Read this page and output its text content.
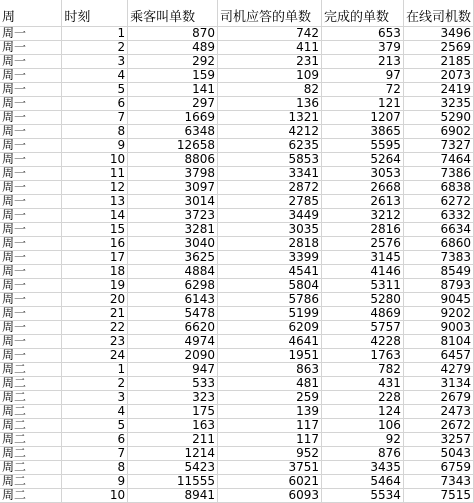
周	时刻	乘客叫单数	司机应答的单数	完成的单数	在线司机数
周一	1	870	742	653	3496
周一	2	489	411	379	2569
周一	3	292	231	213	2185
周一	4	159	109	97	2073
周一	5	141	82	72	2419
周一	6	297	136	121	3235
周一	7	1669	1321	1207	5290
周一	8	6348	4212	3865	6902
周一	9	12658	6235	5595	7327
周一	10	8806	5853	5264	7464
周一	11	3798	3341	3053	7386
周一	12	3097	2872	2668	6838
周一	13	3014	2785	2613	6272
周一	14	3723	3449	3212	6332
周一	15	3281	3035	2816	6634
周一	16	3040	2818	2576	6860
周一	17	3625	3399	3145	7383
周一	18	4884	4541	4146	8549
周一	19	6298	5804	5311	8793
周一	20	6143	5786	5280	9045
周一	21	5478	5199	4869	9202
周一	22	6620	6209	5757	9003
周一	23	4974	4641	4228	8104
周一	24	2090	1951	1763	6457
周二	1	947	863	782	4279
周二	2	533	481	431	3134
周二	3	323	259	228	2679
周二	4	175	139	124	2473
周二	5	163	117	106	2672
周二	6	211	117	92	3257
周二	7	1214	952	876	5043
周二	8	5423	3751	3435	6759
周二	9	11555	6021	5464	7343
周二	10	8941	6093	5534	7515
